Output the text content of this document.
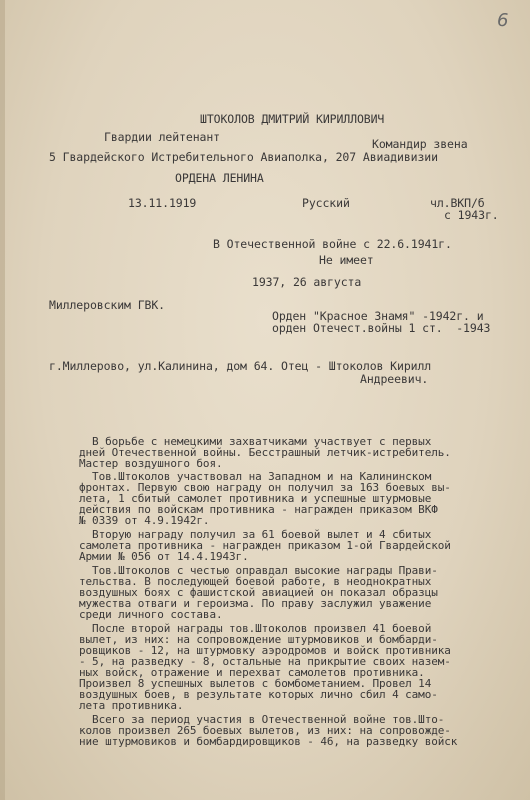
6
ШТОКОЛОВ ДМИТРИЙ КИРИЛЛОВИЧ
Гвардии лейтенант	Командир звена
5 Гвардейского Истребительного Авиаполка, 207 Авиадивизии
ОРДЕНА ЛЕНИНА
13.11.1919	Русский	чл.ВКП/б
с 1943г.
В Отечественной войне с 22.6.1941г.
Не имеет
1937, 26 августа
Миллеровским ГВК.
Орден "Красное Знамя" -1942г. и
орден Отечест.войны 1 ст.  -1943
г.Миллерово, ул.Калинина, дом 64. Отец - Штоколов Кирилл
Андреевич.
В борьбе с немецкими захватчиками участвует с первых
дней Отечественной войны. Бесстрашный летчик-истребитель.
Мастер воздушного боя.
Тов.Штоколов участвовал на Западном и на Калининском
фронтах. Первую свою награду он получил за 163 боевых вы-
лета, 1 сбитый самолет противника и успешные штурмовые
действия по войскам противника - награжден приказом ВКФ
№ 0339 от 4.9.1942г.
Вторую награду получил за 61 боевой вылет и 4 сбитых
самолета противника - награжден приказом 1-ой Гвардейской
Армии № 056 от 14.4.1943г.
Тов.Штоколов с честью оправдал высокие награды Прави-
тельства. В последующей боевой работе, в неоднократных
воздушных боях с фашистской авиацией он показал образцы
мужества отваги и героизма. По праву заслужил уважение
среди личного состава.
После второй награды тов.Штоколов произвел 41 боевой
вылет, из них: на сопровождение штурмовиков и бомбарди-
ровщиков - 12, на штурмовку аэродромов и войск противника
- 5, на разведку - 8, остальные на прикрытие своих назем-
ных войск, отражение и перехват самолетов противника.
Произвел 8 успешных вылетов с бомбометанием. Провел 14
воздушных боев, в результате которых лично сбил 4 само-
лета противника.
Всего за период участия в Отечественной войне тов.Што-
колов произвел 265 боевых вылетов, из них: на сопровожде-
ние штурмовиков и бомбардировщиков - 46, на разведку войск
